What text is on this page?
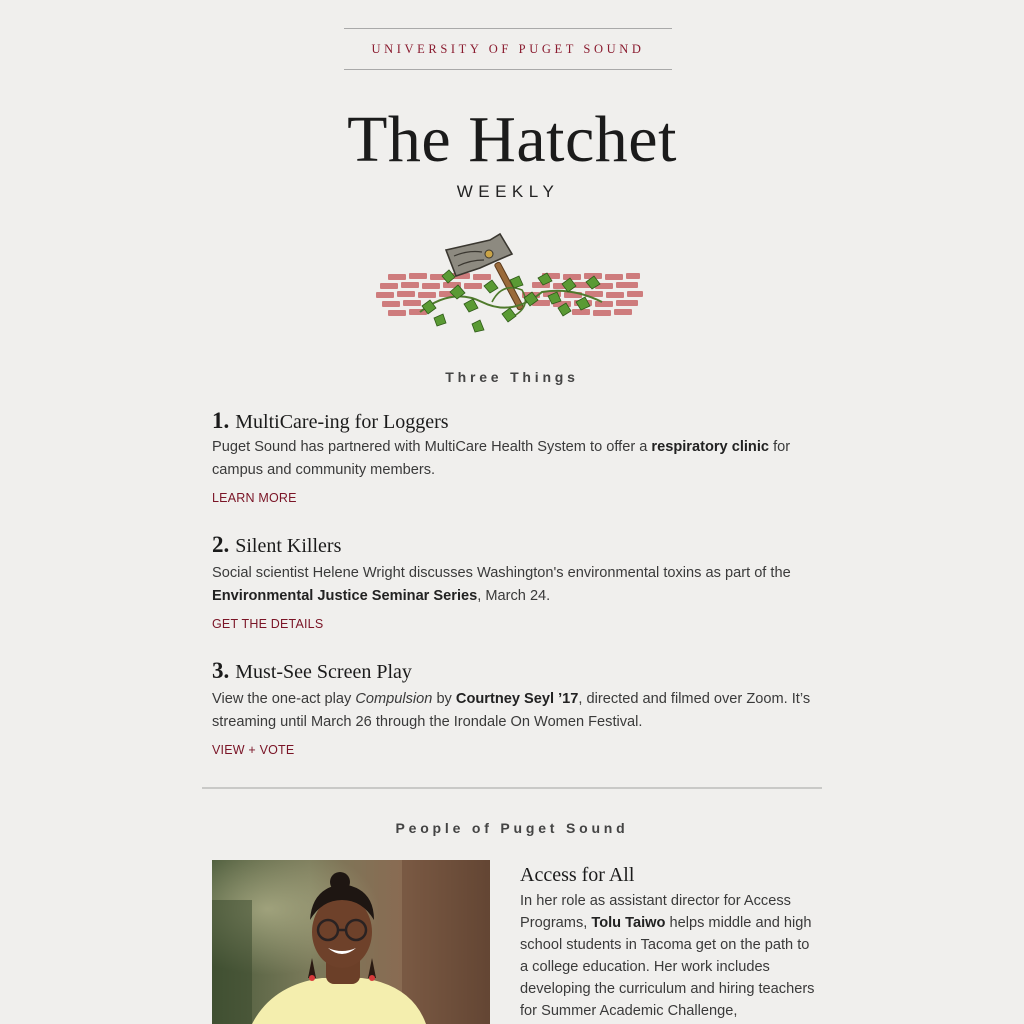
UNIVERSITY OF PUGET SOUND
The Hatchet
WEEKLY
Three Things
1. MultiCare-ing for Loggers
Puget Sound has partnered with MultiCare Health System to offer a respiratory clinic for campus and community members.
LEARN MORE
2. Silent Killers
Social scientist Helene Wright discusses Washington's environmental toxins as part of the Environmental Justice Seminar Series, March 24.
GET THE DETAILS
3. Must-See Screen Play
View the one-act play Compulsion by Courtney Seyl ’17, directed and filmed over Zoom. It’s streaming until March 26 through the Irondale On Women Festival.
VIEW + VOTE
People of Puget Sound
Access for All
In her role as assistant director for Access Programs, Tolu Taiwo helps middle and high school students in Tacoma get on the path to a college education. Her work includes developing the curriculum and hiring teachers for Summer Academic Challenge,
